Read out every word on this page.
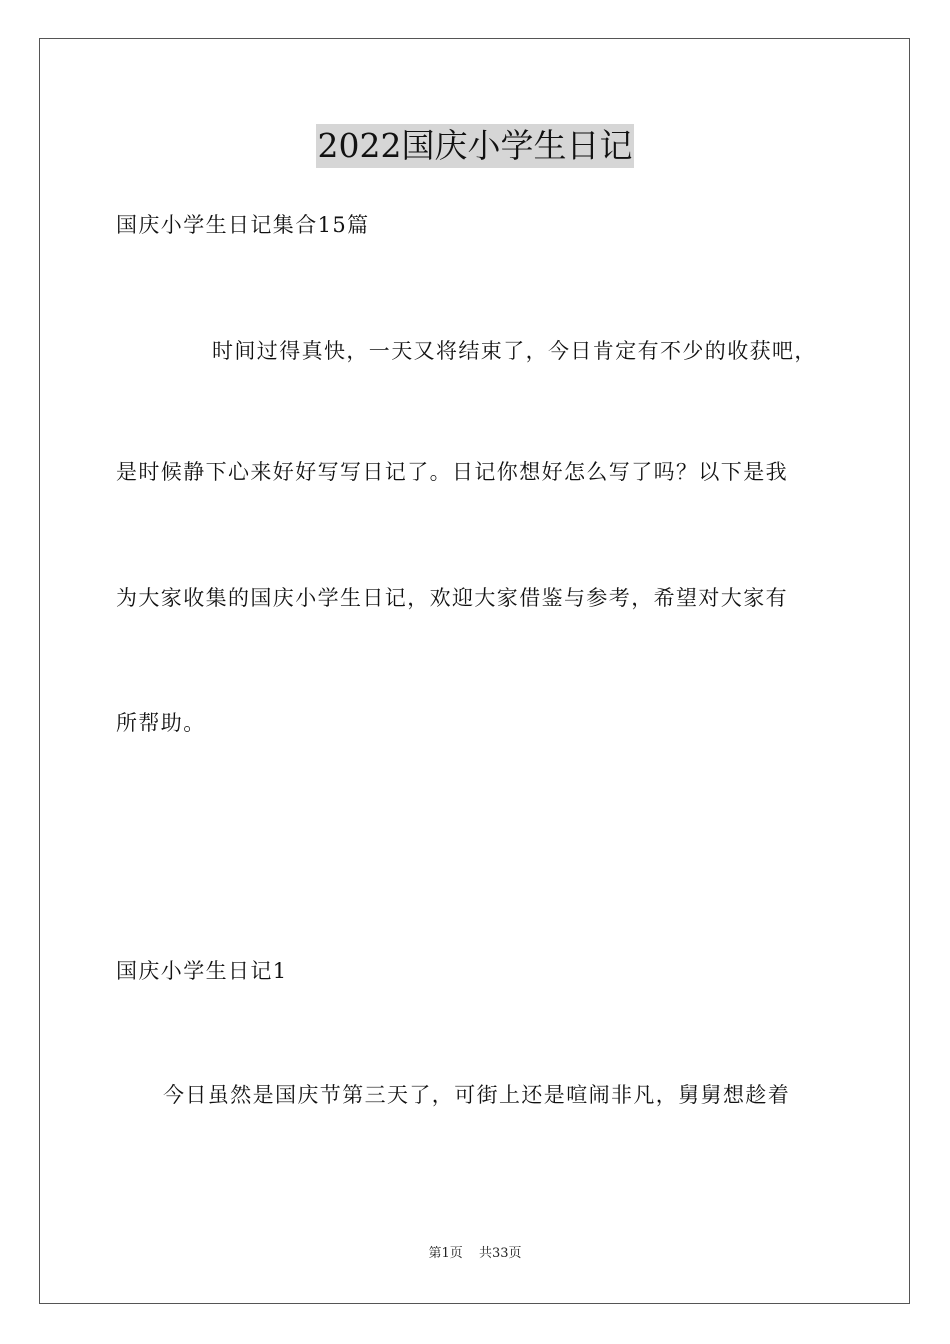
2022国庆小学生日记
国庆小学生日记集合15篇
时间过得真快，一天又将结束了，今日肯定有不少的收获吧，
是时候静下心来好好写写日记了。日记你想好怎么写了吗？以下是我
为大家收集的国庆小学生日记，欢迎大家借鉴与参考，希望对大家有
所帮助。
国庆小学生日记1
今日虽然是国庆节第三天了，可街上还是喧闹非凡，舅舅想趁着
第1页 共33页
